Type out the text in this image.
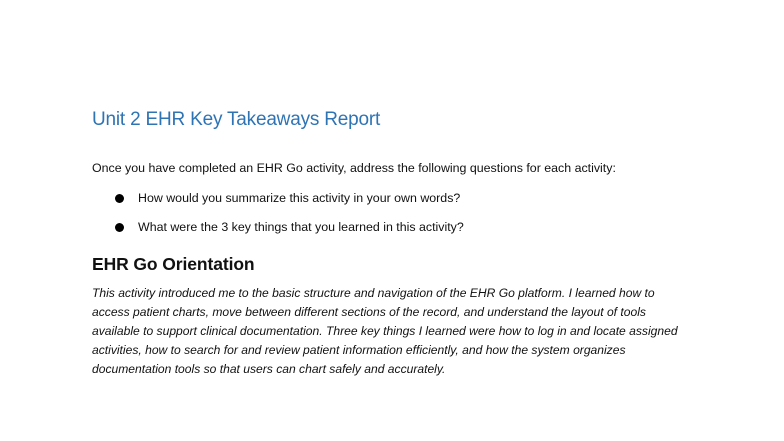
Unit 2 EHR Key Takeaways Report

Once you have completed an EHR Go activity, address the following questions for each activity:

How would you summarize this activity in your own words?
What were the 3 key things that you learned in this activity?
EHR Go Orientation

This activity introduced me to the basic structure and navigation of the EHR Go platform. I learned how to access patient charts, move between different sections of the record, and understand the layout of tools available to support clinical documentation. Three key things I learned were how to log in and locate assigned activities, how to search for and review patient information efficiently, and how the system organizes documentation tools so that users can chart safely and accurately.
